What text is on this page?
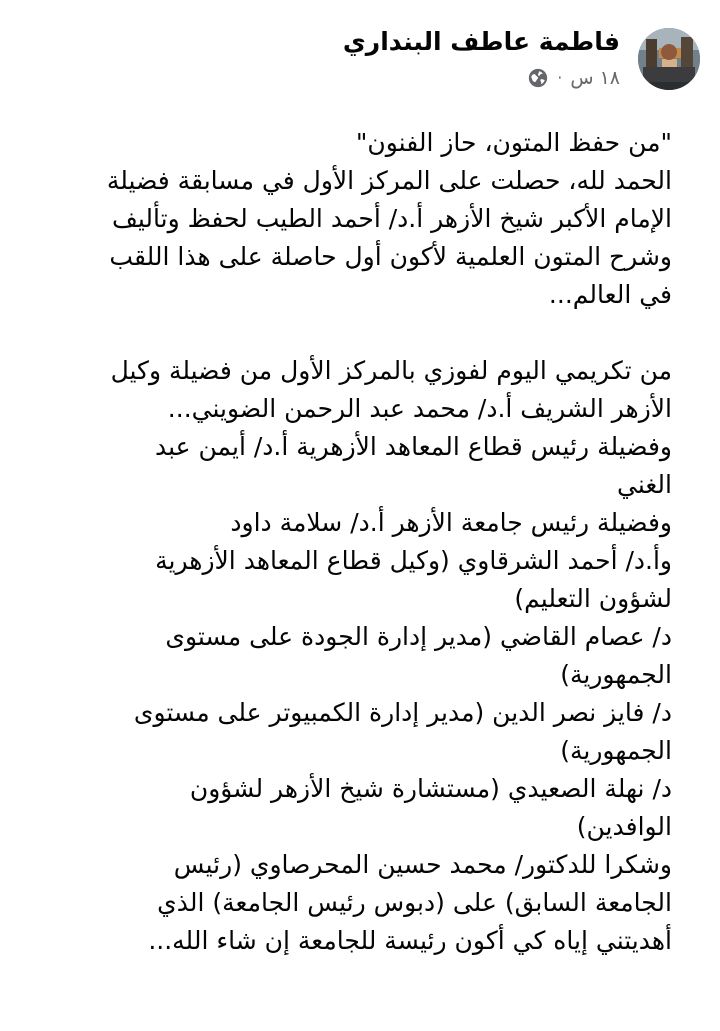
فاطمة عاطف البنداري
١٨ س
·
"من حفظ المتون، حاز الفنون"
الحمد لله، حصلت على المركز الأول في مسابقة فضيلة
الإمام الأكبر شيخ الأزهر أ.د/ أحمد الطيب لحفظ وتأليف
وشرح المتون العلمية لأكون أول حاصلة على هذا اللقب
في العالم...
من تكريمي اليوم لفوزي بالمركز الأول من فضيلة وكيل
الأزهر الشريف أ.د/ محمد عبد الرحمن الضويني...
وفضيلة رئيس قطاع المعاهد الأزهرية أ.د/ أيمن عبد
الغني
وفضيلة رئيس جامعة الأزهر أ.د/ سلامة داود
وأ.د/ أحمد الشرقاوي (وكيل قطاع المعاهد الأزهرية
لشؤون التعليم)
د/ عصام القاضي (مدير إدارة الجودة على مستوى
الجمهورية)
د/ فايز نصر الدين (مدير إدارة الكمبيوتر على مستوى
الجمهورية)
د/ نهلة الصعيدي (مستشارة شيخ الأزهر لشؤون
الوافدين)
وشكرا للدكتور/ محمد حسين المحرصاوي (رئيس
الجامعة السابق) على (دبوس رئيس الجامعة) الذي
أهديتني إياه كي أكون رئيسة للجامعة إن شاء الله...
